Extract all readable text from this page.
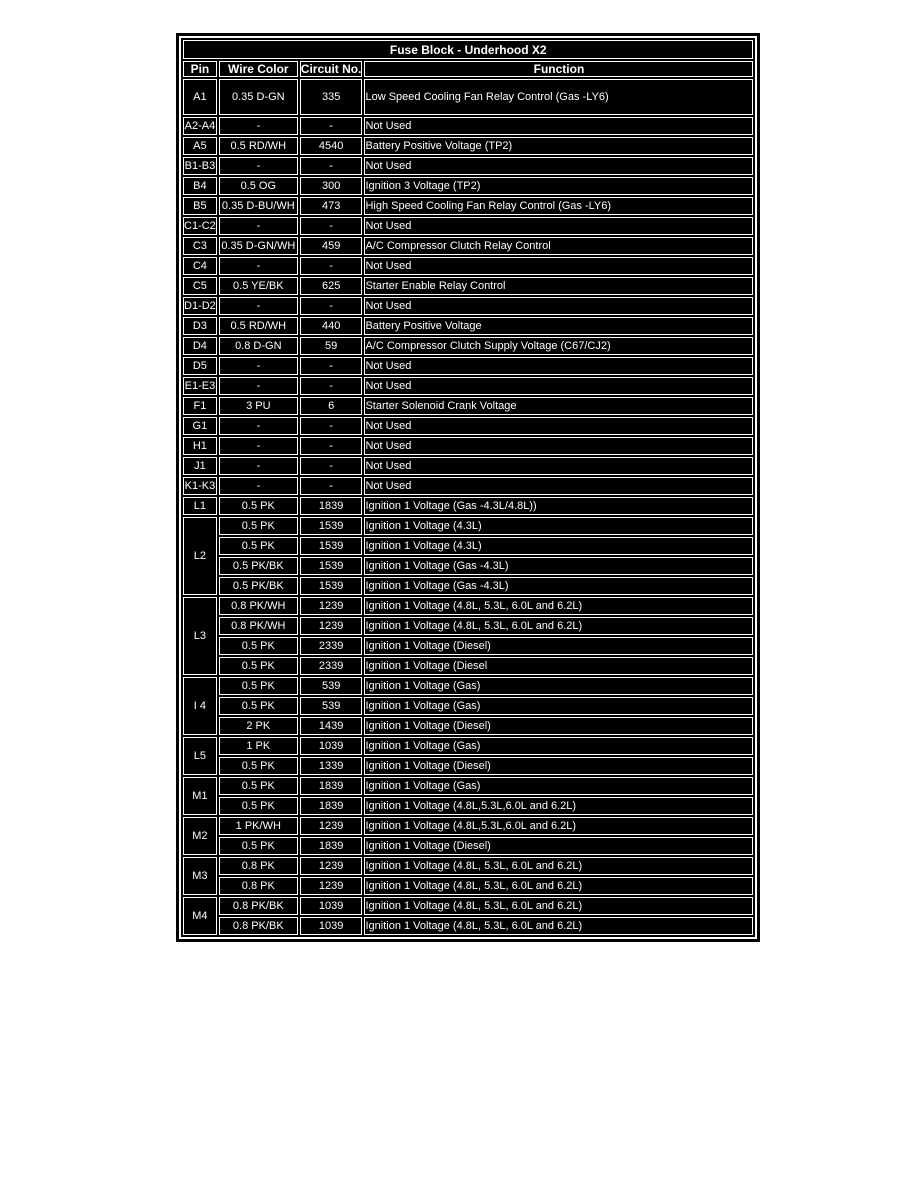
Fuse Block - Underhood X2			
Pin	Wire Color	Circuit No.	Function
A1	0.35 D-GN	335	Low Speed Cooling Fan Relay Control (Gas -LY6)
A2-A4	-	-	Not Used
A5	0.5 RD/WH	4540	Battery Positive Voltage (TP2)
B1-B3	-	-	Not Used
B4	0.5 OG	300	Ignition 3 Voltage (TP2)
B5	0.35 D-BU/WH	473	High Speed Cooling Fan Relay Control (Gas -LY6)
C1-C2	-	-	Not Used
C3	0.35 D-GN/WH	459	A/C Compressor Clutch Relay Control
C4	-	-	Not Used
C5	0.5 YE/BK	625	Starter Enable Relay Control
D1-D2	-	-	Not Used
D3	0.5 RD/WH	440	Battery Positive Voltage
D4	0.8 D-GN	59	A/C Compressor Clutch Supply Voltage (C67/CJ2)
D5	-	-	Not Used
E1-E3	-	-	Not Used
F1	3 PU	6	Starter Solenoid Crank Voltage
G1	-	-	Not Used
H1	-	-	Not Used
J1	-	-	Not Used
K1-K3	-	-	Not Used
L1	0.5 PK	1839	Ignition 1 Voltage (Gas -4.3L/4.8L))
L2	0.5 PK	1539	Ignition 1 Voltage (4.3L)
	0.5 PK	1539	Ignition 1 Voltage (4.3L)
	0.5 PK/BK	1539	Ignition 1 Voltage (Gas -4.3L)
	0.5 PK/BK	1539	Ignition 1 Voltage (Gas -4.3L)
L3	0.8 PK/WH	1239	Ignition 1 Voltage (4.8L, 5.3L, 6.0L and 6.2L)
	0.8 PK/WH	1239	Ignition 1 Voltage (4.8L, 5.3L, 6.0L and 6.2L)
	0.5 PK	2339	Ignition 1 Voltage (Diesel)
	0.5 PK	2339	Ignition 1 Voltage (Diesel
I 4	0.5 PK	539	Ignition 1 Voltage (Gas)
	0.5 PK	539	Ignition 1 Voltage (Gas)
	2 PK	1439	Ignition 1 Voltage (Diesel)
L5	1 PK	1039	Ignition 1 Voltage (Gas)
	0.5 PK	1339	Ignition 1 Voltage (Diesel)
M1	0.5 PK	1839	Ignition 1 Voltage (Gas)
	0.5 PK	1839	Ignition 1 Voltage (4.8L,5.3L,6.0L and 6.2L)
M2	1 PK/WH	1239	Ignition 1 Voltage (4.8L,5.3L,6.0L and 6.2L)
	0.5 PK	1839	Ignition 1 Voltage (Diesel)
M3	0.8 PK	1239	Ignition 1 Voltage (4.8L, 5.3L, 6.0L and 6.2L)
	0.8 PK	1239	Ignition 1 Voltage (4.8L, 5.3L, 6.0L and 6.2L)
M4	0.8 PK/BK	1039	Ignition 1 Voltage (4.8L, 5.3L, 6.0L and 6.2L)
	0.8 PK/BK	1039	Ignition 1 Voltage (4.8L, 5.3L, 6.0L and 6.2L)
